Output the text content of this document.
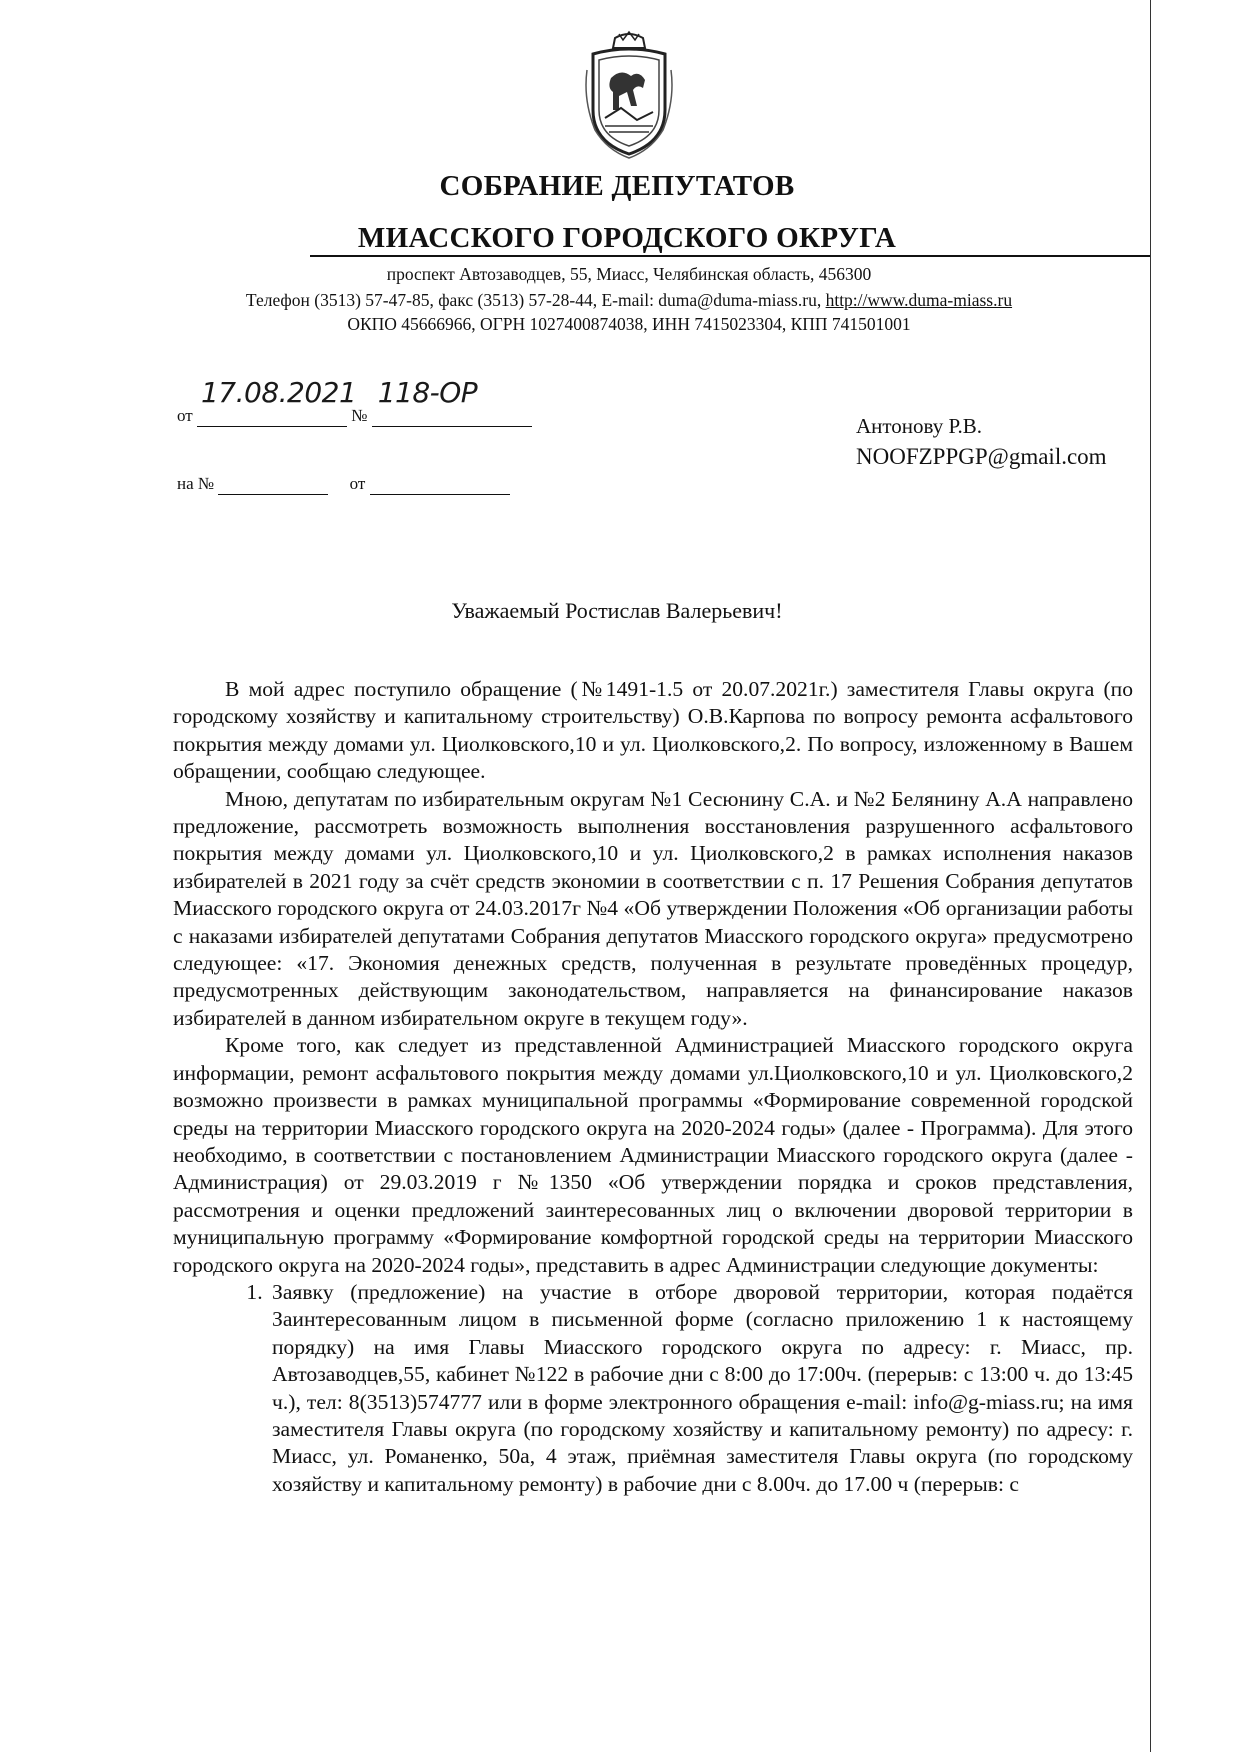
СОБРАНИЕ ДЕПУТАТОВ
МИАССКОГО ГОРОДСКОГО ОКРУГА
проспект Автозаводцев, 55, Миасс, Челябинская область, 456300
Телефон (3513) 57-47-85, факс (3513) 57-28-44, E-mail: duma@duma-miass.ru, http://www.duma-miass.ru
ОКПО 45666966, ОГРН 1027400874038, ИНН 7415023304, КПП 741501001
от
17.08.2021
№
118-ОР

на №	от
Антонову Р.В.
NOOFZPPGP@gmail.com
Уважаемый Ростислав Валерьевич!

В мой адрес поступило обращение (№1491-1.5 от 20.07.2021г.) заместителя Главы округа (по городскому хозяйству и капитальному строительству) О.В.Карпова по вопросу ремонта асфальтового покрытия между домами ул. Циолковского,10 и ул. Циолковского,2. По вопросу, изложенному в Вашем обращении, сообщаю следующее.

Мною, депутатам по избирательным округам №1 Сесюнину С.А. и №2 Белянину А.А направлено предложение, рассмотреть возможность выполнения восстановления разрушенного асфальтового покрытия между домами ул. Циолковского,10 и ул. Циолковского,2 в рамках исполнения наказов избирателей в 2021 году за счёт средств экономии в соответствии с п. 17 Решения Собрания депутатов Миасского городского округа от 24.03.2017г №4 «Об утверждении Положения «Об организации работы с наказами избирателей депутатами Собрания депутатов Миасского городского округа» предусмотрено следующее: «17. Экономия денежных средств, полученная в результате проведённых процедур, предусмотренных действующим законодательством, направляется на финансирование наказов избирателей в данном избирательном округе в текущем году».

Кроме того, как следует из представленной Администрацией Миасского городского округа информации, ремонт асфальтового покрытия между домами ул.Циолковского,10 и ул. Циолковского,2 возможно произвести в рамках муниципальной программы «Формирование современной городской среды на территории Миасского городского округа на 2020-2024 годы» (далее - Программа). Для этого необходимо, в соответствии с постановлением Администрации Миасского городского округа (далее - Администрация) от 29.03.2019 г №1350 «Об утверждении порядка и сроков представления, рассмотрения и оценки предложений заинтересованных лиц о включении дворовой территории в муниципальную программу «Формирование комфортной городской среды на территории Миасского городского округа на 2020-2024 годы», представить в адрес Администрации следующие документы:

1. Заявку (предложение) на участие в отборе дворовой территории, которая подаётся Заинтересованным лицом в письменной форме (согласно приложению 1 к настоящему порядку) на имя Главы Миасского городского округа по адресу: г. Миасс, пр. Автозаводцев,55, кабинет №122 в рабочие дни с 8:00 до 17:00ч. (перерыв: с 13:00 ч. до 13:45 ч.), тел: 8(3513)574777 или в форме электронного обращения e-mail: info@g-miass.ru; на имя заместителя Главы округа (по городскому хозяйству и капитальному ремонту) по адресу: г. Миасс, ул. Романенко, 50а, 4 этаж, приёмная заместителя Главы округа (по городскому хозяйству и капитальному ремонту) в рабочие дни с 8.00ч. до 17.00 ч (перерыв: с
